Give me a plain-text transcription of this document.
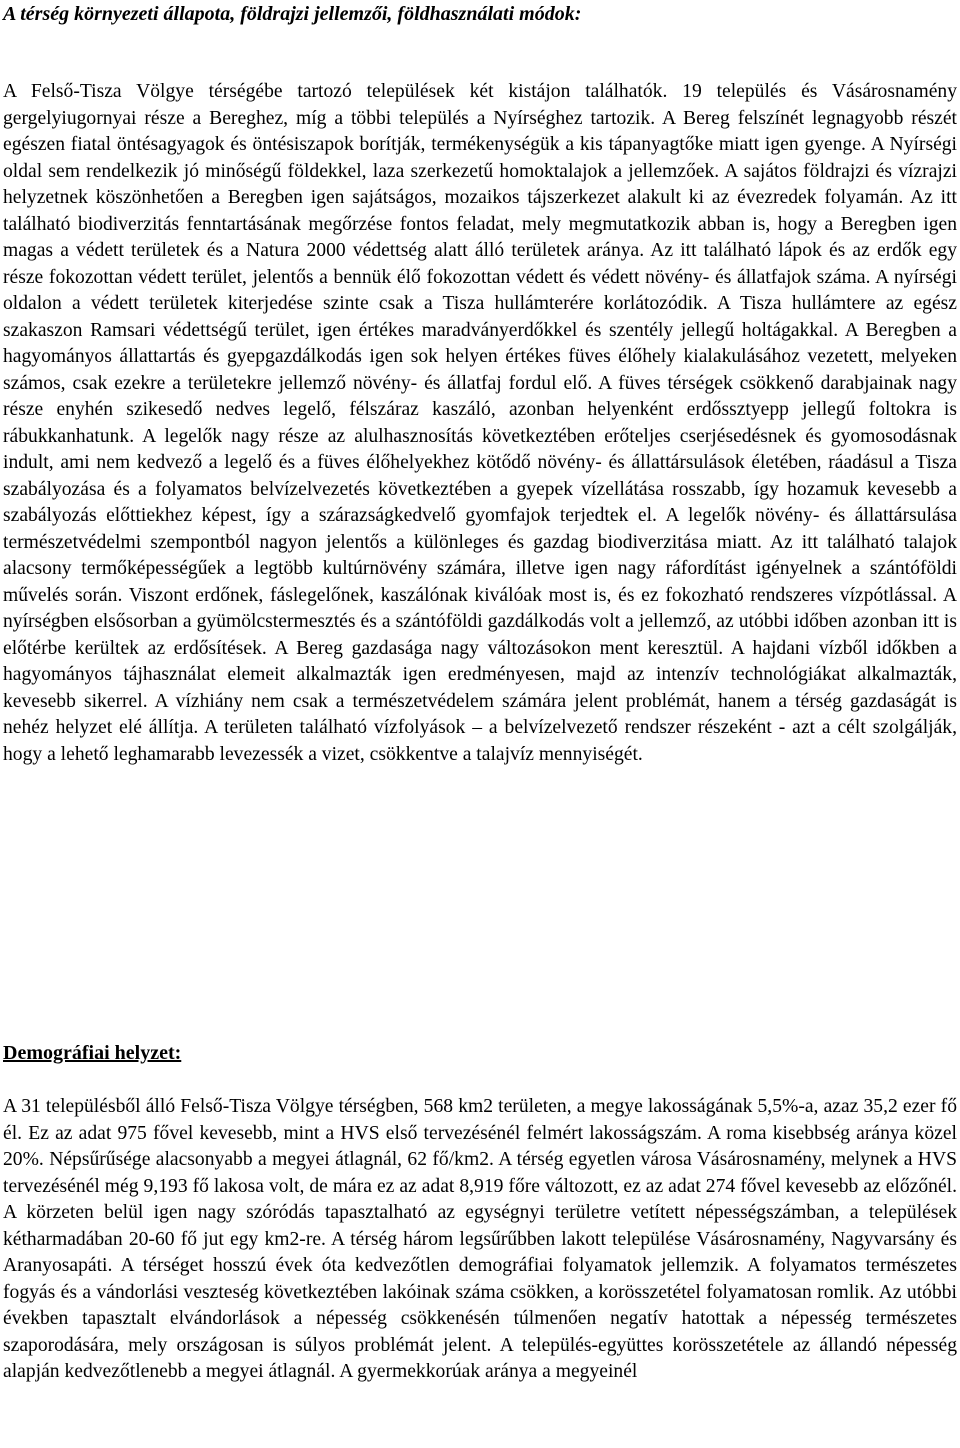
A térség környezeti állapota, földrajzi jellemzői, földhasználati módok:

A Felső-Tisza Völgye térségébe tartozó települések két kistájon találhatók. 19 település és Vásárosnamény gergelyiugornyai része a Bereghez, míg a többi település a Nyírséghez tartozik. A Bereg felszínét legnagyobb részét egészen fiatal öntésagyagok és öntésiszapok borítják, termékenységük a kis tápanyagtőke miatt igen gyenge. A Nyírségi oldal sem rendelkezik jó minőségű földekkel, laza szerkezetű homoktalajok a jellemzőek. A sajátos földrajzi és vízrajzi helyzetnek köszönhetően a Beregben igen sajátságos, mozaikos tájszerkezet alakult ki az évezredek folyamán. Az itt található biodiverzitás fenntartásának megőrzése fontos feladat, mely megmutatkozik abban is, hogy a Beregben igen magas a védett területek és a Natura 2000 védettség alatt álló területek aránya. Az itt található lápok és az erdők egy része fokozottan védett terület, jelentős a bennük élő fokozottan védett és védett növény- és állatfajok száma. A nyírségi oldalon a védett területek kiterjedése szinte csak a Tisza hullámterére korlátozódik. A Tisza hullámtere az egész szakaszon Ramsari védettségű terület, igen értékes maradványerdőkkel és szentély jellegű holtágakkal. A Beregben a hagyományos állattartás és gyepgazdálkodás igen sok helyen értékes füves élőhely kialakulásához vezetett, melyeken számos, csak ezekre a területekre jellemző növény- és állatfaj fordul elő. A füves térségek csökkenő darabjainak nagy része enyhén szikesedő nedves legelő, félszáraz kaszáló, azonban helyenként erdőssztyepp jellegű foltokra is rábukkanhatunk. A legelők nagy része az alulhasznosítás következtében erőteljes cserjésedésnek és gyomosodásnak indult, ami nem kedvező a legelő és a füves élőhelyekhez kötődő növény- és állattársulások életében, ráadásul a Tisza szabályozása és a folyamatos belvízelvezetés következtében a gyepek vízellátása rosszabb, így hozamuk kevesebb a szabályozás előttiekhez képest, így a szárazságkedvelő gyomfajok terjedtek el. A legelők növény- és állattársulása természetvédelmi szempontból nagyon jelentős a különleges és gazdag biodiverzitása miatt. Az itt található talajok alacsony termőképességűek a legtöbb kultúrnövény számára, illetve igen nagy ráfordítást igényelnek a szántóföldi művelés során. Viszont erdőnek, fáslegelőnek, kaszálónak kiválóak most is, és ez fokozható rendszeres vízpótlással. A nyírségben elsősorban a gyümölcstermesztés és a szántóföldi gazdálkodás volt a jellemző, az utóbbi időben azonban itt is előtérbe kerültek az erdősítések. A Bereg gazdasága nagy változásokon ment keresztül. A hajdani vízből időkben a hagyományos tájhasználat elemeit alkalmazták igen eredményesen, majd az intenzív technológiákat alkalmazták, kevesebb sikerrel. A vízhiány nem csak a természetvédelem számára jelent problémát, hanem a térség gazdaságát is nehéz helyzet elé állítja. A területen található vízfolyások – a belvízelvezető rendszer részeként - azt a célt szolgálják, hogy a lehető leghamarabb levezessék a vizet, csökkentve a talajvíz mennyiségét.

Demográfiai helyzet:

A 31 településből álló Felső-Tisza Völgye térségben, 568 km2 területen, a megye lakosságának 5,5%-a, azaz 35,2 ezer fő él. Ez az adat 975 fővel kevesebb, mint a HVS első tervezésénél felmért lakosságszám. A roma kisebbség aránya közel 20%. Népsűrűsége alacsonyabb a megyei átlagnál, 62 fő/km2. A térség egyetlen városa Vásárosnamény, melynek a HVS tervezésénél még 9,193 fő lakosa volt, de mára ez az adat 8,919 főre változott, ez az adat 274 fővel kevesebb az előzőnél. A körzeten belül igen nagy szóródás tapasztalható az egységnyi területre vetített népességszámban, a települések kétharmadában 20-60 fő jut egy km2-re. A térség három legsűrűbben lakott települése Vásárosnamény, Nagyvarsány és Aranyosapáti. A térséget hosszú évek óta kedvezőtlen demográfiai folyamatok jellemzik. A folyamatos természetes fogyás és a vándorlási veszteség következtében lakóinak száma csökken, a korösszetétel folyamatosan romlik. Az utóbbi években tapasztalt elvándorlások a népesség csökkenésén túlmenően negatív hatottak a népesség természetes szaporodására, mely országosan is súlyos problémát jelent. A település-együttes korösszetétele az állandó népesség alapján kedvezőtlenebb a megyei átlagnál. A gyermekkorúak aránya a megyeinél
